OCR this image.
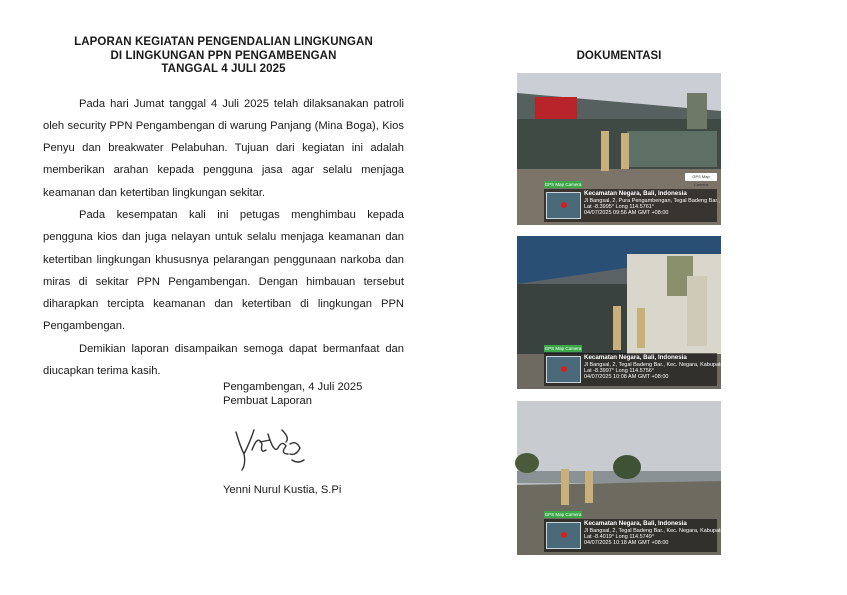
LAPORAN KEGIATAN PENGENDALIAN LINGKUNGAN
DI LINGKUNGAN PPN PENGAMBENGAN
TANGGAL 4 JULI 2025

Pada hari Jumat tanggal 4 Juli 2025 telah dilaksanakan patroli oleh security PPN Pengambengan di warung Panjang (Mina Boga), Kios Penyu dan breakwater Pelabuhan. Tujuan dari kegiatan ini adalah memberikan arahan kepada pengguna jasa agar selalu menjaga keamanan dan ketertiban lingkungan sekitar.

Pada kesempatan kali ini petugas menghimbau kepada pengguna kios dan juga nelayan untuk selalu menjaga keamanan dan ketertiban lingkungan khususnya pelarangan penggunaan narkoba dan miras di sekitar PPN Pengambengan. Dengan himbauan tersebut diharapkan tercipta keamanan dan ketertiban di lingkungan PPN Pengambengan.

Demikian laporan disampaikan semoga dapat bermanfaat dan diucapkan terima kasih.

Pengambengan, 4 Juli 2025
Pembuat Laporan
Yenni Nurul Kustia, S.Pi
DOKUMENTASI
GPS Map Camera
GPS Map Camera
Kecamatan Negara, Bali, Indonesia
Jl Bangsal, 2, Pura Pengambengan, Tegal Badeng Bar., Kec. Negara, Kabupaten Jembrana, Bali, Indonesia
Lat -8.3995° Long 114.5761°
04/07/2025 09:56 AM GMT +08:00
GPS Map Camera
Kecamatan Negara, Bali, Indonesia
Jl Bangsal, 2, Tegal Badeng Bar., Kec. Negara, Kabupaten Jembrana, Bali, Indonesia
Lat -8.3997° Long 114.5756°
04/07/2025 10:08 AM GMT +08:00
GPS Map Camera
Kecamatan Negara, Bali, Indonesia
Jl Bangsal, 2, Tegal Badeng Bar., Kec. Negara, Kabupaten Jembrana, Bali, Indonesia
Lat -8.4019° Long 114.5749°
04/07/2025 10:18 AM GMT +08:00
